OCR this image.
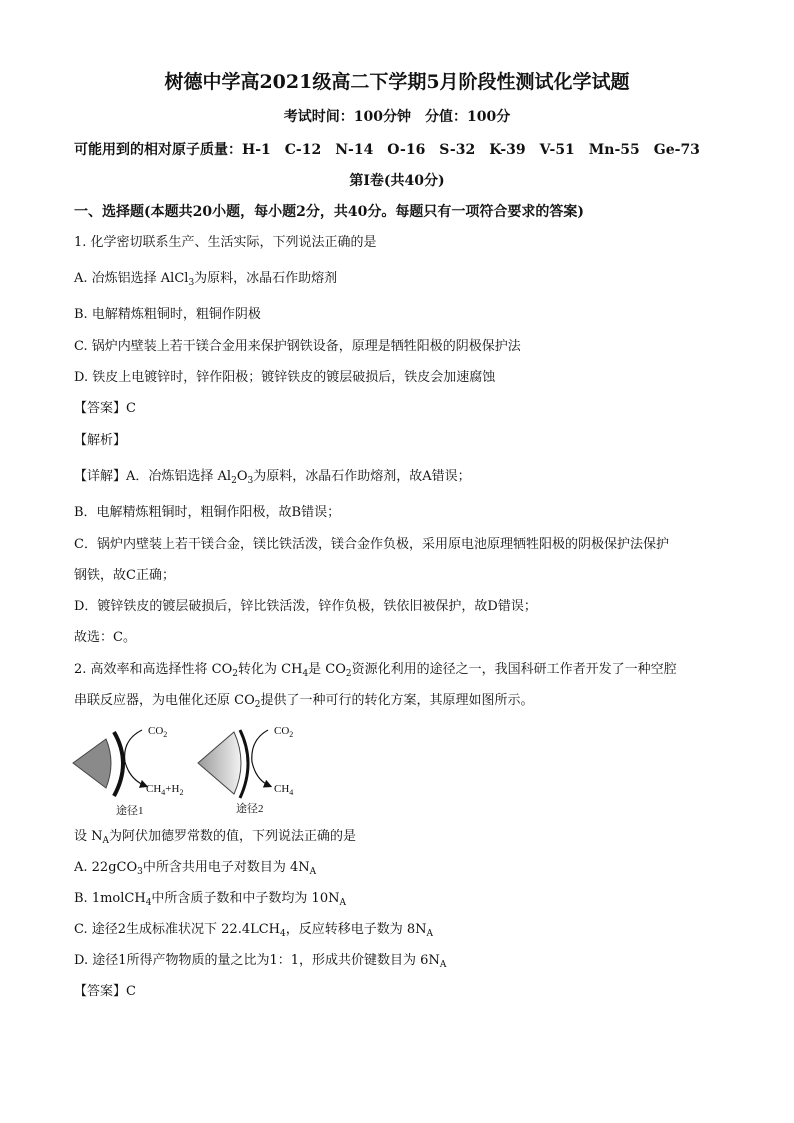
树德中学高2021级高二下学期5月阶段性测试化学试题
考试时间：100分钟　分值：100分
可能用到的相对原子质量：H-1　C-12　N-14　O-16　S-32　K-39　V-51　Mn-55　Ge-73
第Ⅰ卷(共40分)
一、选择题(本题共20小题，每小题2分，共40分。每题只有一项符合要求的答案)
1. 化学密切联系生产、生活实际，下列说法正确的是
A. 冶炼铝选择 AlCl$_3$为原料，冰晶石作助熔剂
B. 电解精炼粗铜时，粗铜作阴极
C. 锅炉内壁装上若干镁合金用来保护钢铁设备，原理是牺牲阳极的阴极保护法
D. 铁皮上电镀锌时，锌作阳极；镀锌铁皮的镀层破损后，铁皮会加速腐蚀
【答案】C
【解析】
【详解】A．冶炼铝选择 $Al_2O_3$为原料，冰晶石作助熔剂，故A错误；
B．电解精炼粗铜时，粗铜作阳极，故B错误；
C．锅炉内壁装上若干镁合金，镁比铁活泼，镁合金作负极，采用原电池原理牺牲阳极的阴极保护法保护
钢铁，故C正确；
D．镀锌铁皮的镀层破损后，锌比铁活泼，锌作负极，铁依旧被保护，故D错误；
故选：C。
2. 高效率和高选择性将 $CO_2$转化为 $CH_4$是 $CO_2$资源化利用的途径之一，我国科研工作者开发了一种空腔
串联反应器，为电催化还原 $CO_2$提供了一种可行的转化方案，其原理如图所示。
$CO_2$
$CH_4+H_2$
途径1
$CO_2$
$CH_4$
途径2
设 $N_A$为阿伏加德罗常数的值，下列说法正确的是
A. 22gCO$_3$中所含共用电子对数目为 $4N_A$
B. 1molCH$_4$中所含质子数和中子数均为 $10N_A$
C. 途径2生成标准状况下 $22.4LCH_4$，反应转移电子数为 $8N_A$
D. 途径1所得产物物质的量之比为1：1，形成共价键数目为 $6N_A$
【答案】C
